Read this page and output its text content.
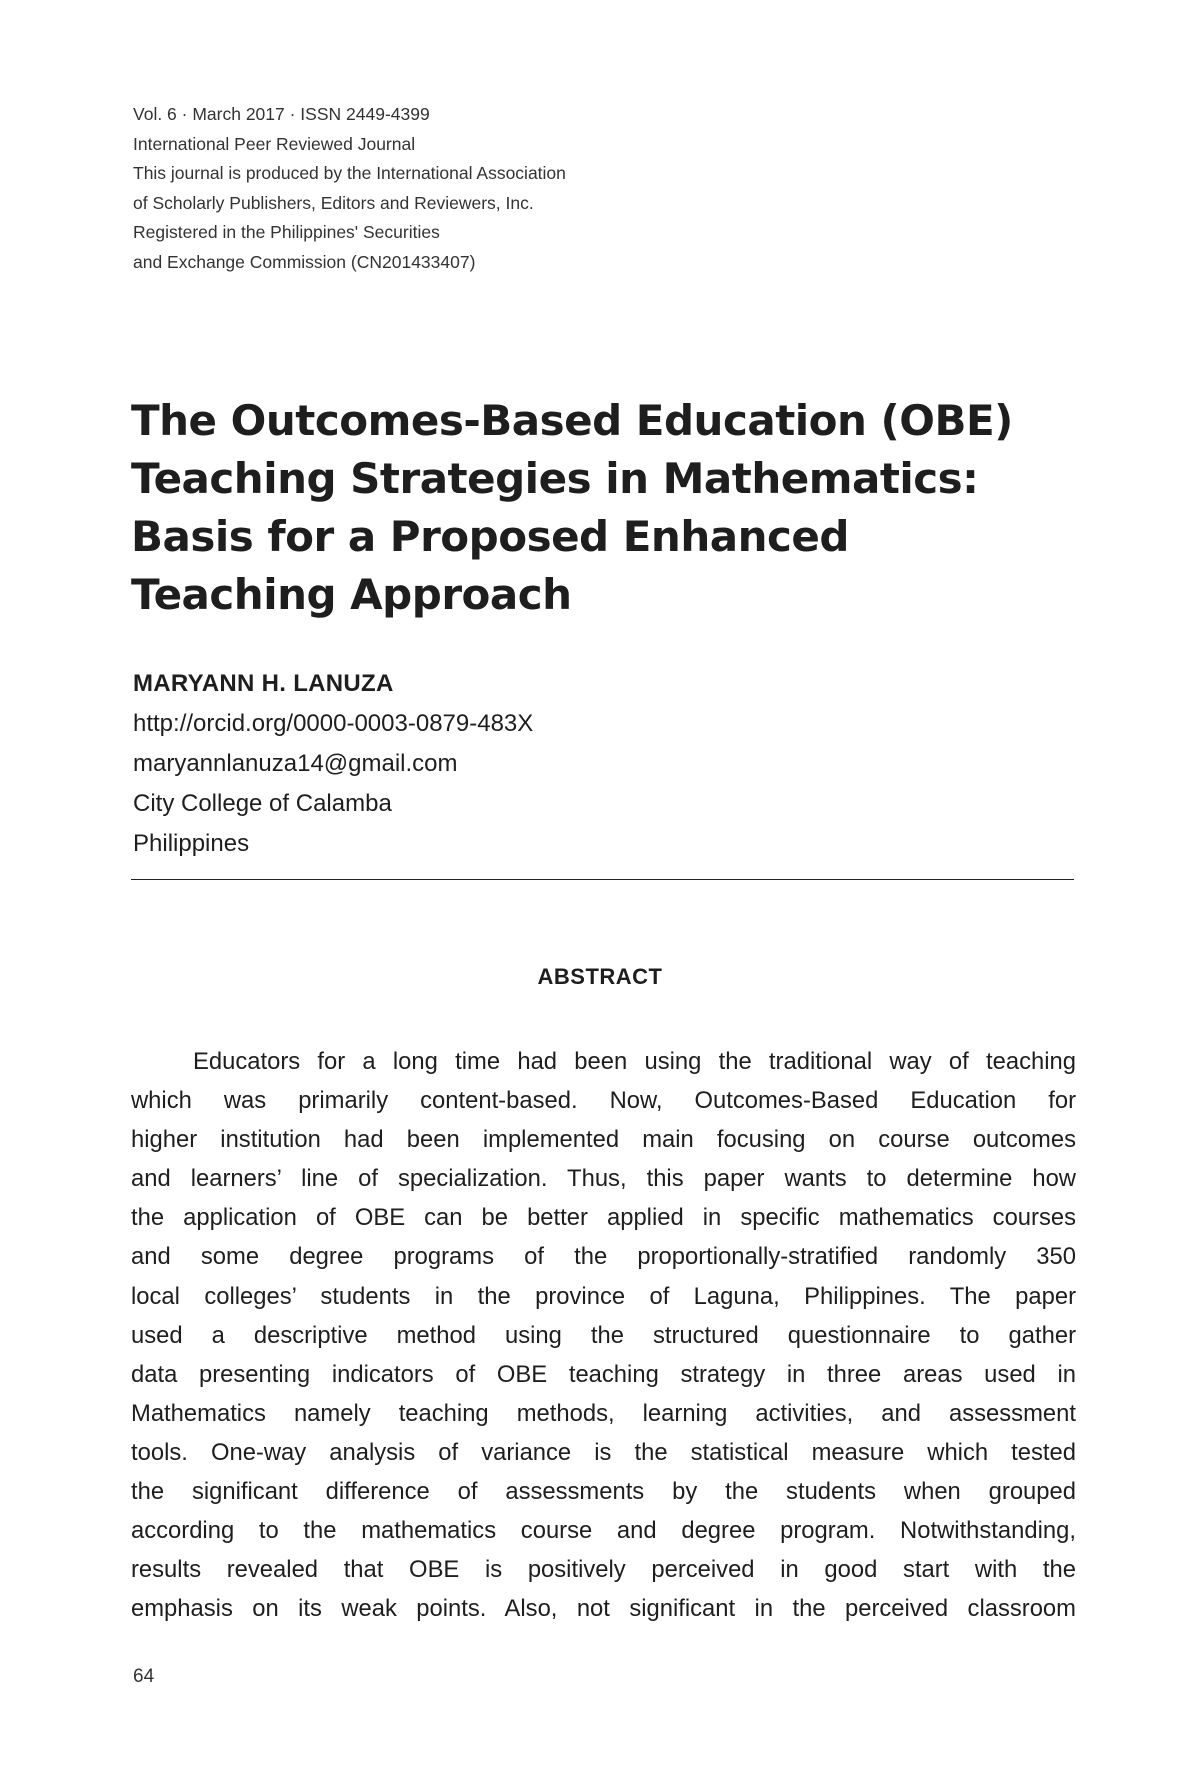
Vol. 6 · March 2017 · ISSN 2449-4399
International Peer Reviewed Journal
This journal is produced by the International Association
of Scholarly Publishers, Editors and Reviewers, Inc.
Registered in the Philippines' Securities
and Exchange Commission (CN201433407)
The Outcomes-Based Education (OBE)
Teaching Strategies in Mathematics:
Basis for a Proposed Enhanced
Teaching Approach
MARYANN H. LANUZA
http://orcid.org/0000-0003-0879-483X
maryannlanuza14@gmail.com
City College of Calamba
Philippines
ABSTRACT
Educators for a long time had been using the traditional way of teaching
which was primarily content-based. Now, Outcomes-Based Education for
higher institution had been implemented main focusing on course outcomes
and learners’ line of specialization. Thus, this paper wants to determine how
the application of OBE can be better applied in specific mathematics courses
and some degree programs of the proportionally-stratified randomly 350
local colleges’ students in the province of Laguna, Philippines. The paper
used a descriptive method using the structured questionnaire to gather
data presenting indicators of OBE teaching strategy in three areas used in
Mathematics namely teaching methods, learning activities, and assessment
tools. One-way analysis of variance is the statistical measure which tested
the significant difference of assessments by the students when grouped
according to the mathematics course and degree program. Notwithstanding,
results revealed that OBE is positively perceived in good start with the
emphasis on its weak points. Also, not significant in the perceived classroom
64
